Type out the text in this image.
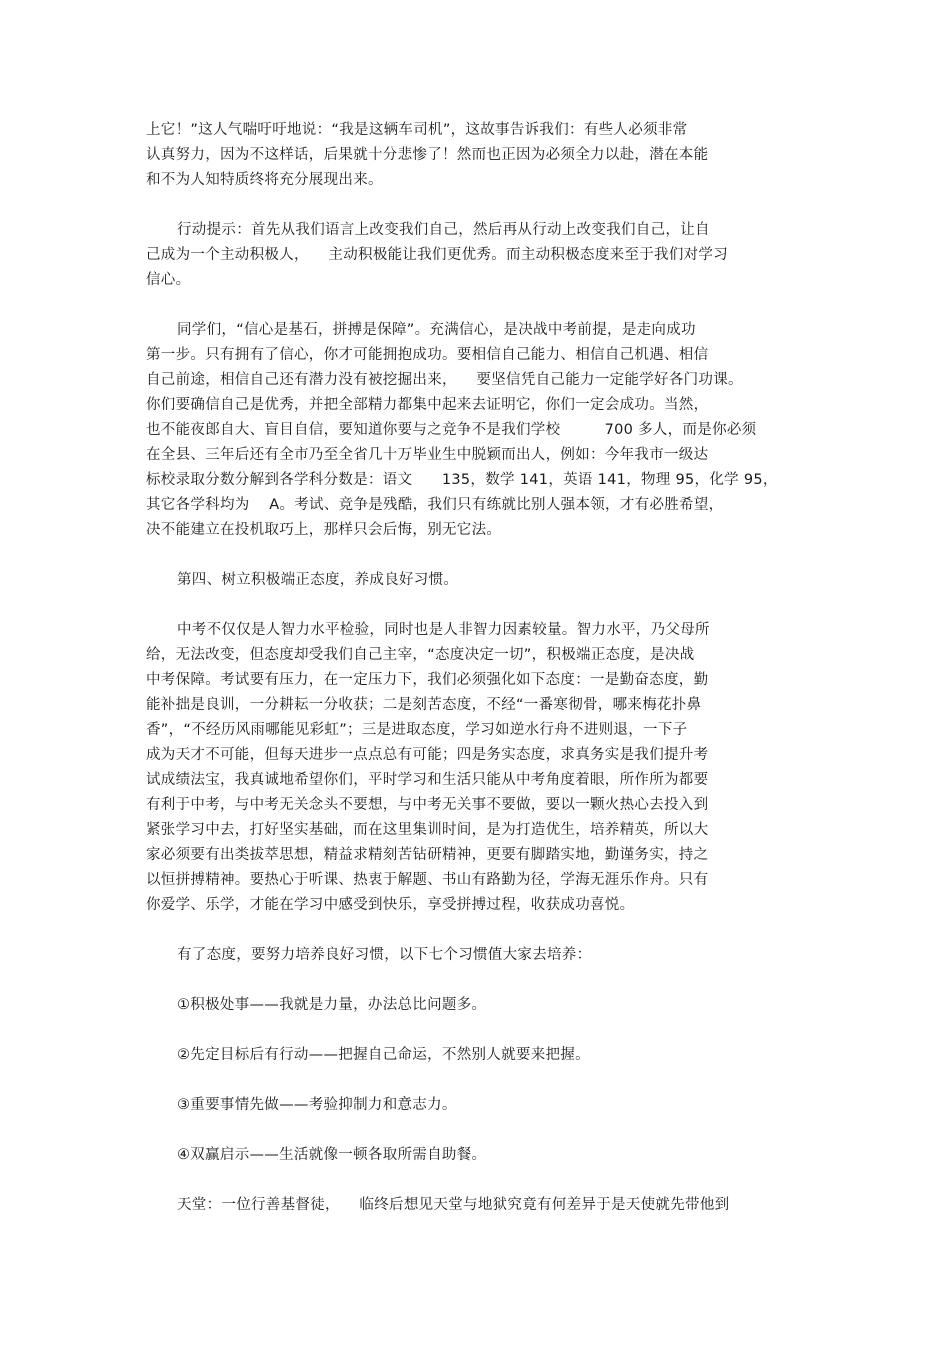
上它！”这人气喘吁吁地说：“我是这辆车司机”，这故事告诉我们：有些人必须非常
认真努力，因为不这样话，后果就十分悲惨了！然而也正因为必须全力以赴，潜在本能
和不为人知特质终将充分展现出来。
行动提示：首先从我们语言上改变我们自己，然后再从行动上改变我们自己，让自
己成为一个主动积极人，    主动积极能让我们更优秀。而主动积极态度来至于我们对学习
信心。
同学们，“信心是基石，拼搏是保障”。充满信心，是决战中考前提，是走向成功
第一步。只有拥有了信心，你才可能拥抱成功。要相信自己能力、相信自己机遇、相信
自己前途，相信自己还有潜力没有被挖掘出来，    要坚信凭自己能力一定能学好各门功课。
你们要确信自己是优秀，并把全部精力都集中起来去证明它，你们一定会成功。当然，
也不能夜郎自大、盲目自信，要知道你要与之竞争不是我们学校         700 多人，而是你必须
在全县、三年后还有全市乃至全省几十万毕业生中脱颖而出人，例如：今年我市一级达
标校录取分数分解到各学科分数是：语文      135，数学 141，英语 141，物理 95，化学 95，
其它各学科均为    A。考试、竞争是残酷，我们只有练就比别人强本领，才有必胜希望，
决不能建立在投机取巧上，那样只会后悔，别无它法。
第四、树立积极端正态度，养成良好习惯。
中考不仅仅是人智力水平检验，同时也是人非智力因素较量。智力水平，乃父母所
给，无法改变，但态度却受我们自己主宰，“态度决定一切”，积极端正态度，是决战
中考保障。考试要有压力，在一定压力下，我们必须强化如下态度：一是勤奋态度，勤
能补拙是良训，一分耕耘一分收获；二是刻苦态度，不经“一番寒彻骨，哪来梅花扑鼻
香”，“不经历风雨哪能见彩虹”；三是进取态度，学习如逆水行舟不进则退，一下子
成为天才不可能，但每天进步一点点总有可能；四是务实态度，求真务实是我们提升考
试成绩法宝，我真诚地希望你们，平时学习和生活只能从中考角度着眼，所作所为都要
有利于中考，与中考无关念头不要想，与中考无关事不要做，要以一颗火热心去投入到
紧张学习中去，打好坚实基础，而在这里集训时间，是为打造优生，培养精英，所以大
家必须要有出类拔萃思想，精益求精刻苦钻研精神，更要有脚踏实地，勤谨务实，持之
以恒拼搏精神。要热心于听课、热衷于解题、书山有路勤为径，学海无涯乐作舟。只有
你爱学、乐学，才能在学习中感受到快乐，享受拼搏过程，收获成功喜悦。
有了态度，要努力培养良好习惯，以下七个习惯值大家去培养：
①积极处事——我就是力量，办法总比问题多。
②先定目标后有行动——把握自己命运，不然别人就要来把握。
③重要事情先做——考验抑制力和意志力。
④双赢启示——生活就像一顿各取所需自助餐。
天堂：一位行善基督徒，    临终后想见天堂与地狱究竟有何差异于是天使就先带他到
